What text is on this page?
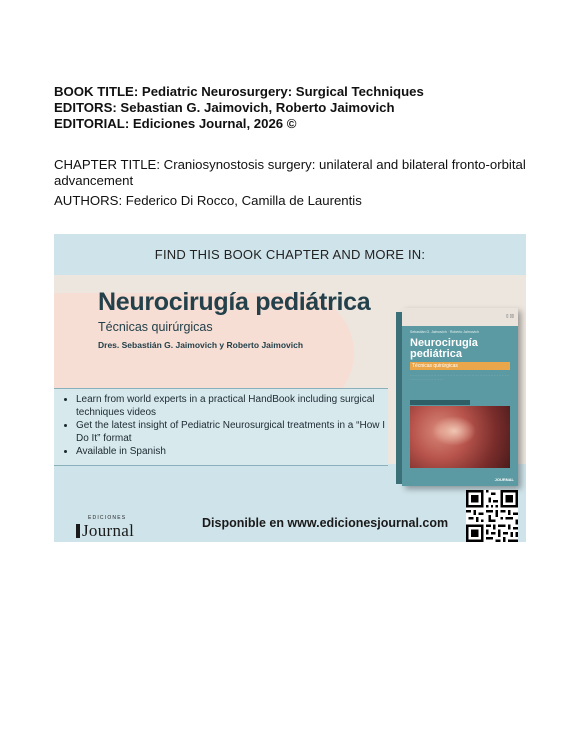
BOOK TITLE: Pediatric Neurosurgery: Surgical Techniques

EDITORS: Sebastian G. Jaimovich, Roberto Jaimovich

EDITORIAL: Ediciones Journal, 2026 ©

CHAPTER TITLE: Craniosynostosis surgery: unilateral and bilateral fronto-orbital advancement

AUTHORS: Federico Di Rocco, Camilla de Laurentis

FIND THIS BOOK CHAPTER AND MORE IN:
Neurocirugía pediátrica
Técnicas quirúrgicas
Dres. Sebastián G. Jaimovich y Roberto Jaimovich
• Learn from world experts in a practical HandBook including surgical techniques videos
• Get the latest insight of Pediatric Neurosurgical treatments in a “How I Do It” format
• Available in Spanish
▯ ▯▯
Sebastián G. Jaimovich · Roberto Jaimovich
Neurocirugía pediátrica
Técnicas quirúrgicas
· · · · · · · · · · · · · · · · · · · · · · · · · · · · · · · · · · · · · · · · · · · · · · · · · · · · · · · · · · · · · · · · · · · · · · · · · · · · · · · · · · · ·
JOURNAL
EDICIONES
Journal	Disponible en www.edicionesjournal.com
